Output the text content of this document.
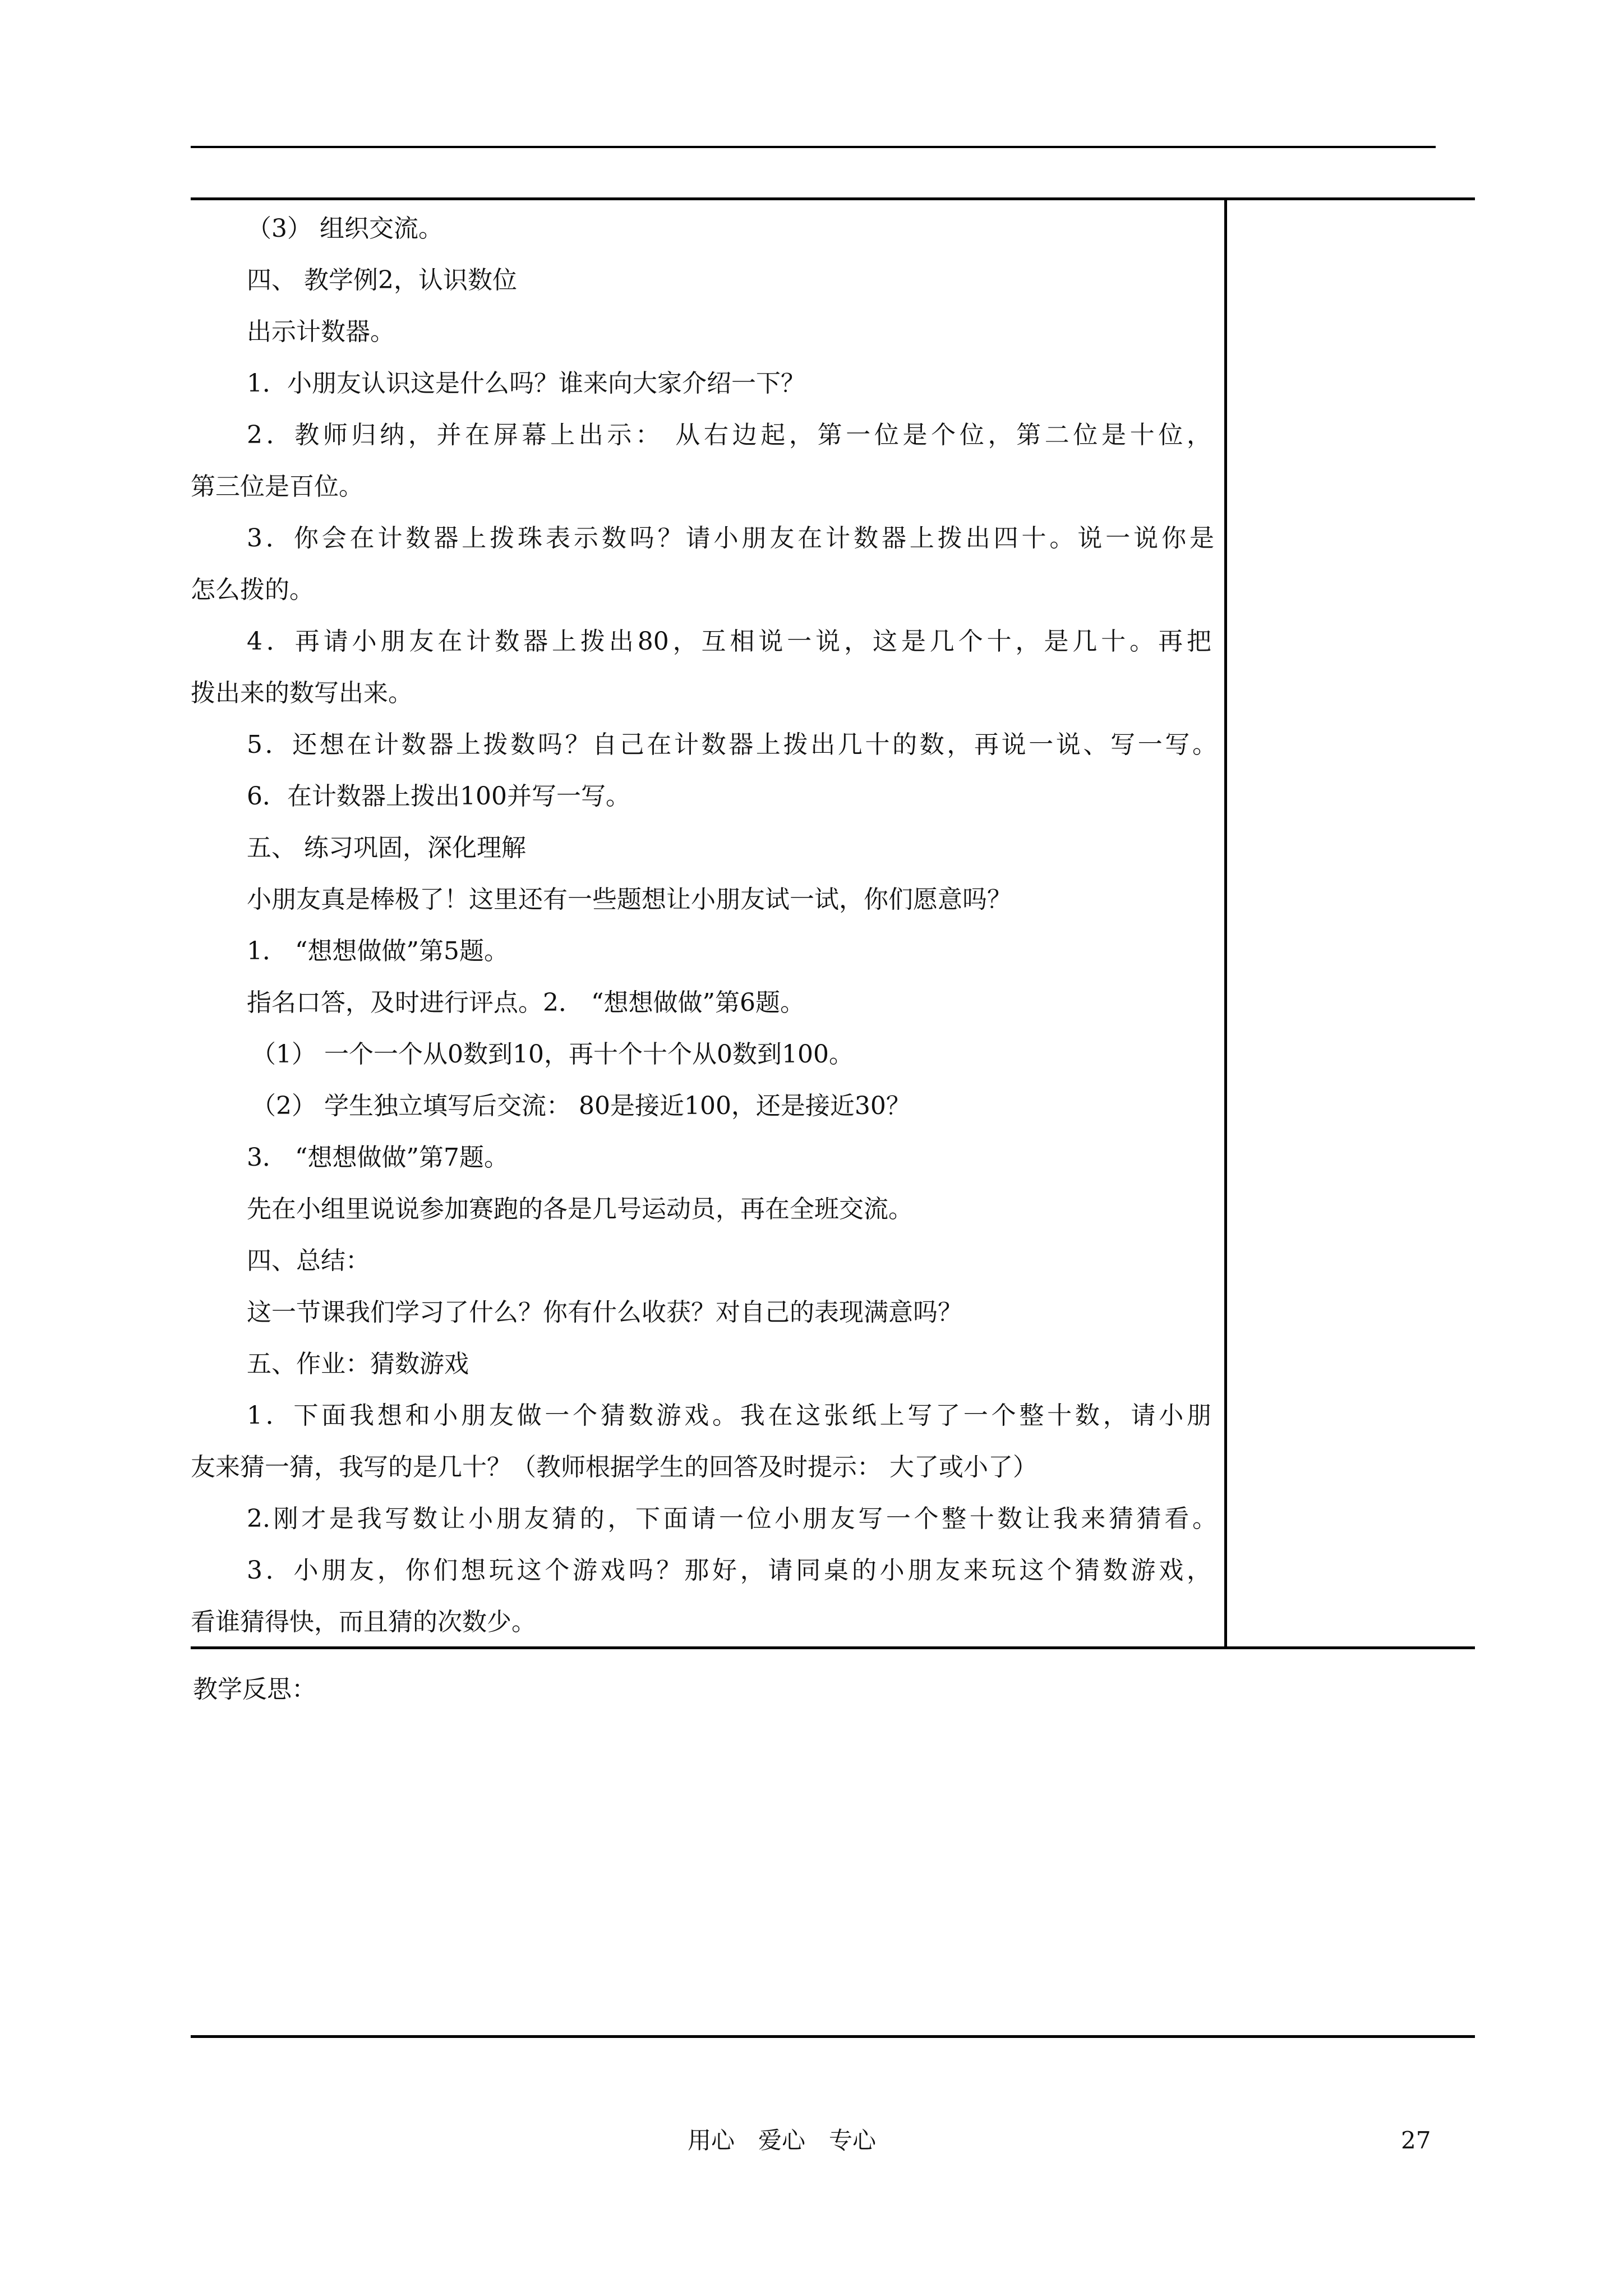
（3） 组织交流。
四、 教学例2，认识数位
出示计数器。
1．小朋友认识这是什么吗？谁来向大家介绍一下？
2．教师归纳，并在屏幕上出示： 从右边起，第一位是个位，第二位是十位，
第三位是百位。
3．你会在计数器上拨珠表示数吗？请小朋友在计数器上拨出四十。说一说你是
怎么拨的。
4．再请小朋友在计数器上拨出80，互相说一说，这是几个十，是几十。再把
拨出来的数写出来。
5．还想在计数器上拨数吗？自己在计数器上拨出几十的数，再说一说、写一写。
6．在计数器上拨出100并写一写。
五、 练习巩固，深化理解
小朋友真是棒极了！这里还有一些题想让小朋友试一试，你们愿意吗？
1． “想想做做”第5题。
指名口答，及时进行评点。2． “想想做做”第6题。
（1） 一个一个从0数到10，再十个十个从0数到100。
（2） 学生独立填写后交流： 80是接近100，还是接近30？
3． “想想做做”第7题。
先在小组里说说参加赛跑的各是几号运动员，再在全班交流。
四、总结：
这一节课我们学习了什么？你有什么收获？对自己的表现满意吗？
五、作业：猜数游戏
1．下面我想和小朋友做一个猜数游戏。我在这张纸上写了一个整十数，请小朋
友来猜一猜，我写的是几十？（教师根据学生的回答及时提示： 大了或小了）
2.刚才是我写数让小朋友猜的，下面请一位小朋友写一个整十数让我来猜猜看。
3．小朋友，你们想玩这个游戏吗？那好，请同桌的小朋友来玩这个猜数游戏，
看谁猜得快，而且猜的次数少。
教学反思：
用心　爱心　专心	27
